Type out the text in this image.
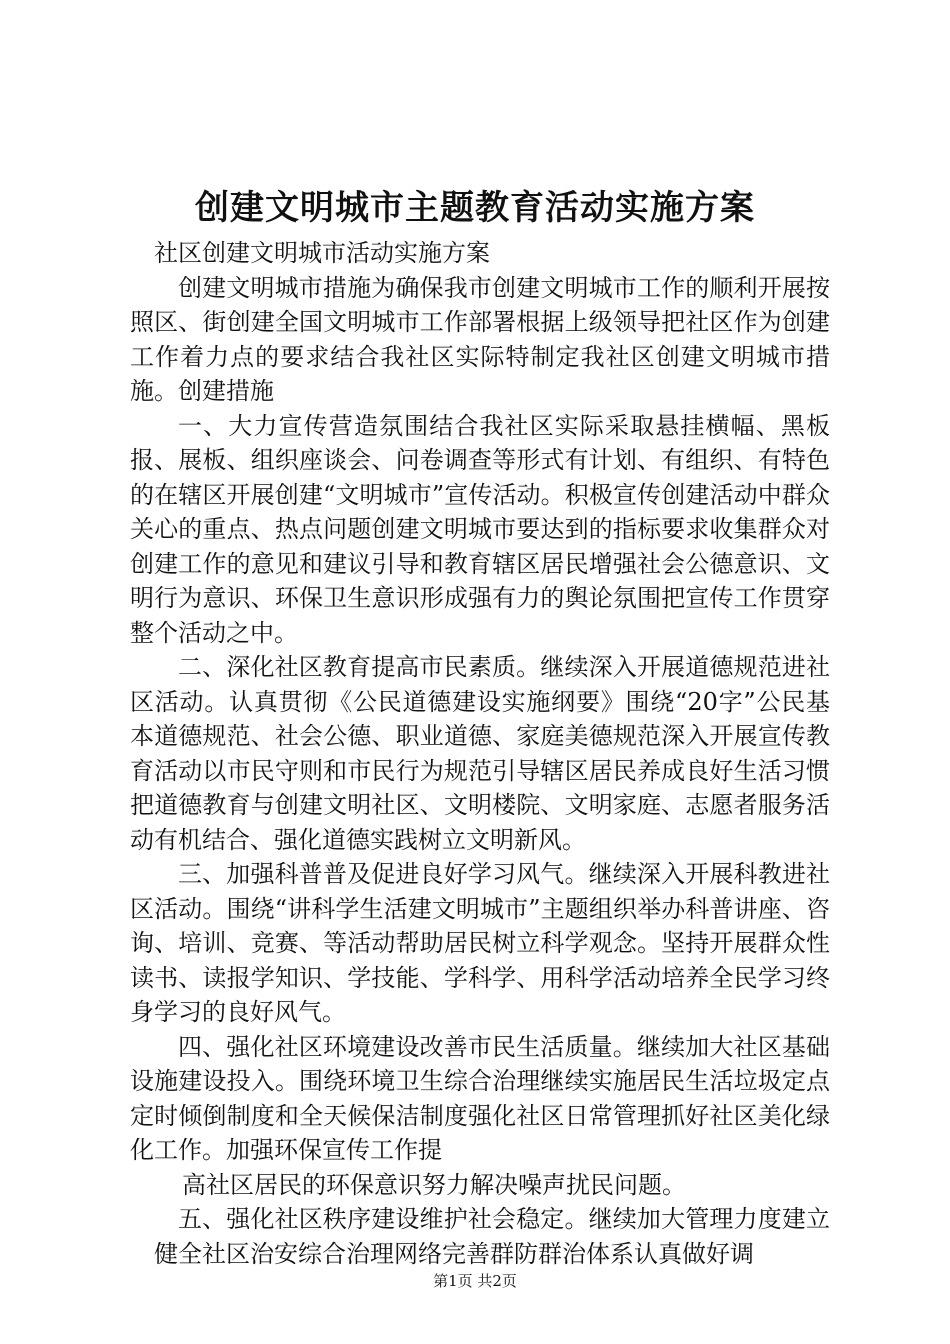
创建文明城市主题教育活动实施方案

社区创建文明城市活动实施方案

创建文明城市措施为确保我市创建文明城市工作的顺利开展按照区、街创建全国文明城市工作部署根据上级领导把社区作为创建工作着力点的要求结合我社区实际特制定我社区创建文明城市措施。创建措施

一、大力宣传营造氛围结合我社区实际采取悬挂横幅、黑板报、展板、组织座谈会、问卷调查等形式有计划、有组织、有特色的在辖区开展创建“文明城市”宣传活动。积极宣传创建活动中群众关心的重点、热点问题创建文明城市要达到的指标要求收集群众对创建工作的意见和建议引导和教育辖区居民增强社会公德意识、文明行为意识、环保卫生意识形成强有力的舆论氛围把宣传工作贯穿整个活动之中。

二、深化社区教育提高市民素质。继续深入开展道德规范进社区活动。认真贯彻《公民道德建设实施纲要》围绕“20字”公民基本道德规范、社会公德、职业道德、家庭美德规范深入开展宣传教育活动以市民守则和市民行为规范引导辖区居民养成良好生活习惯把道德教育与创建文明社区、文明楼院、文明家庭、志愿者服务活动有机结合、强化道德实践树立文明新风。

三、加强科普普及促进良好学习风气。继续深入开展科教进社区活动。围绕“讲科学生活建文明城市”主题组织举办科普讲座、咨询、培训、竞赛、等活动帮助居民树立科学观念。坚持开展群众性读书、读报学知识、学技能、学科学、用科学活动培养全民学习终身学习的良好风气。

四、强化社区环境建设改善市民生活质量。继续加大社区基础设施建设投入。围绕环境卫生综合治理继续实施居民生活垃圾定点定时倾倒制度和全天候保洁制度强化社区日常管理抓好社区美化绿化工作。加强环保宣传工作提

高社区居民的环保意识努力解决噪声扰民问题。

五、强化社区秩序建设维护社会稳定。继续加大管理力度建立健全社区治安综合治理网络完善群防群治体系认真做好调

第1页 共2页
